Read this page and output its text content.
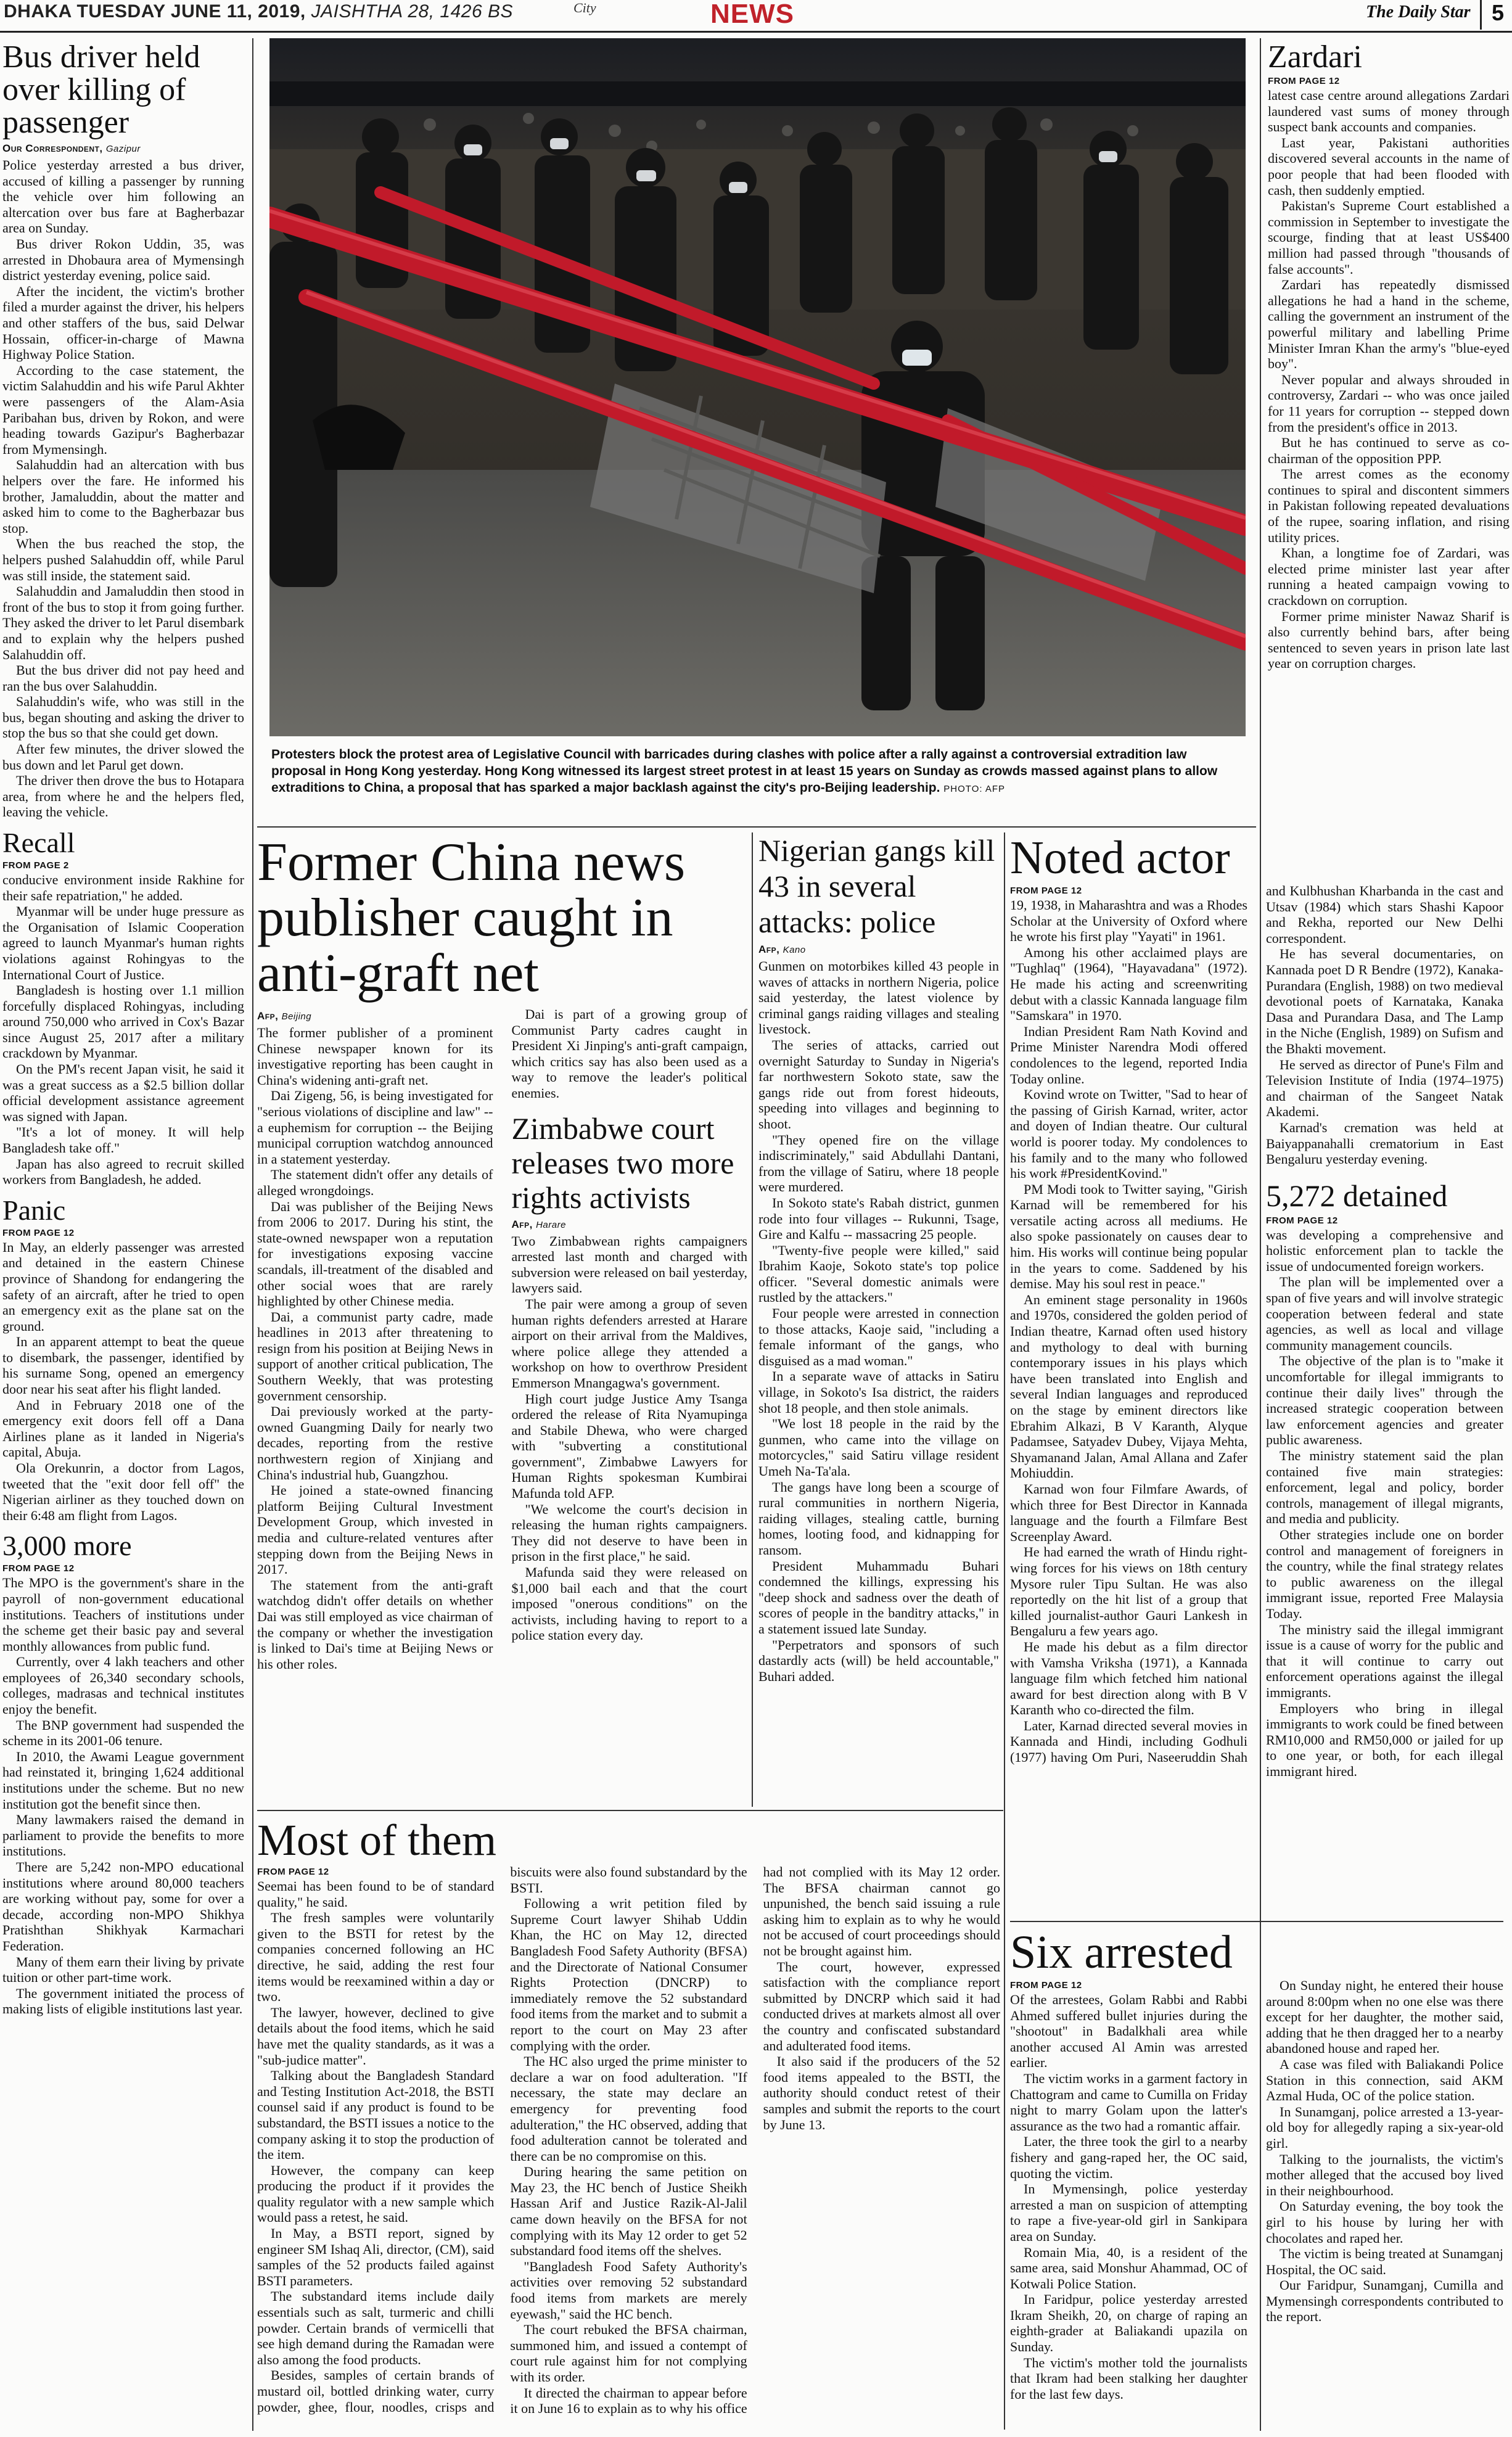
DHAKA TUESDAY JUNE 11, 2019, JAISHTHA 28, 1426 BS	City	NEWS	The Daily Star 5
Bus driver held over killing of passenger
Our Correspondent, Gazipur

Police yesterday arrested a bus driver, accused of killing a passenger by running the vehicle over him following an altercation over bus fare at Bagherbazar area on Sunday.

Bus driver Rokon Uddin, 35, was arrested in Dhobaura area of Mymensingh district yesterday evening, police said.

After the incident, the victim's brother filed a murder against the driver, his helpers and other staffers of the bus, said Delwar Hossain, officer-in-charge of Mawna Highway Police Station.

According to the case statement, the victim Salahuddin and his wife Parul Akhter were passengers of the Alam-Asia Paribahan bus, driven by Rokon, and were heading towards Gazipur's Bagherbazar from Mymensingh.

Salahuddin had an altercation with bus helpers over the fare. He informed his brother, Jamaluddin, about the matter and asked him to come to the Bagherbazar bus stop.

When the bus reached the stop, the helpers pushed Salahuddin off, while Parul was still inside, the statement said.

Salahuddin and Jamaluddin then stood in front of the bus to stop it from going further. They asked the driver to let Parul disembark and to explain why the helpers pushed Salahuddin off.

But the bus driver did not pay heed and ran the bus over Salahuddin.

Salahuddin's wife, who was still in the bus, began shouting and asking the driver to stop the bus so that she could get down.

After few minutes, the driver slowed the bus down and let Parul get down.

The driver then drove the bus to Hotapara area, from where he and the helpers fled, leaving the vehicle.

Recall
FROM PAGE 2

conducive environment inside Rakhine for their safe repatriation," he added.

Myanmar will be under huge pressure as the Organisation of Islamic Cooperation agreed to launch Myanmar's human rights violations against Rohingyas to the International Court of Justice.

Bangladesh is hosting over 1.1 million forcefully displaced Rohingyas, including around 750,000 who arrived in Cox's Bazar since August 25, 2017 after a military crackdown by Myanmar.

On the PM's recent Japan visit, he said it was a great success as a $2.5 billion dollar official development assistance agreement was signed with Japan.

"It's a lot of money. It will help Bangladesh take off."

Japan has also agreed to recruit skilled workers from Bangladesh, he added.

Panic
FROM PAGE 12

In May, an elderly passenger was arrested and detained in the eastern Chinese province of Shandong for endangering the safety of an aircraft, after he tried to open an emergency exit as the plane sat on the ground.

In an apparent attempt to beat the queue to disembark, the passenger, identified by his surname Song, opened an emergency door near his seat after his flight landed.

And in February 2018 one of the emergency exit doors fell off a Dana Airlines plane as it landed in Nigeria's capital, Abuja.

Ola Orekunrin, a doctor from Lagos, tweeted that the "exit door fell off" the Nigerian airliner as they touched down on their 6:48 am flight from Lagos.

3,000 more
FROM PAGE 12

The MPO is the government's share in the payroll of non-government educational institutions. Teachers of institutions under the scheme get their basic pay and several monthly allowances from public fund.

Currently, over 4 lakh teachers and other employees of 26,340 secondary schools, colleges, madrasas and technical institutes enjoy the benefit.

The BNP government had suspended the scheme in its 2001-06 tenure.

In 2010, the Awami League government had reinstated it, bringing 1,624 additional institutions under the scheme. But no new institution got the benefit since then.

Many lawmakers raised the demand in parliament to provide the benefits to more institutions.

There are 5,242 non-MPO educational institutions where around 80,000 teachers are working without pay, some for over a decade, according non-MPO Shikhya Pratishthan Shikhyak Karmachari Federation.

Many of them earn their living by private tuition or other part-time work.

The government initiated the process of making lists of eligible institutions last year.

Protesters block the protest area of Legislative Council with barricades during clashes with police after a rally against a controversial extradition law proposal in Hong Kong yesterday. Hong Kong witnessed its largest street protest in at least 15 years on Sunday as crowds massed against plans to allow extraditions to China, a proposal that has sparked a major backlash against the city's pro-Beijing leadership. PHOTO: AFP
Former China news publisher caught in anti-graft net
Afp, Beijing

The former publisher of a prominent Chinese newspaper known for its investigative reporting has been caught in China's widening anti-graft net.

Dai Zigeng, 56, is being investigated for "serious violations of discipline and law" -- a euphemism for corruption -- the Beijing municipal corruption watchdog announced in a statement yesterday.

The statement didn't offer any details of alleged wrongdoings.

Dai was publisher of the Beijing News from 2006 to 2017. During his stint, the state-owned newspaper won a reputation for investigations exposing vaccine scandals, ill-treatment of the disabled and other social woes that are rarely highlighted by other Chinese media.

Dai, a communist party cadre, made headlines in 2013 after threatening to resign from his position at Beijing News in support of another critical publication, The Southern Weekly, that was protesting government censorship.

Dai previously worked at the party-owned Guangming Daily for nearly two decades, reporting from the restive northwestern region of Xinjiang and China's industrial hub, Guangzhou.

He joined a state-owned financing platform Beijing Cultural Investment Development Group, which invested in media and culture-related ventures after stepping down from the Beijing News in 2017.

The statement from the anti-graft watchdog didn't offer details on whether Dai was still employed as vice chairman of the company or whether the investigation is linked to Dai's time at Beijing News or his other roles.

Dai is part of a growing group of Communist Party cadres caught in President Xi Jinping's anti-graft campaign, which critics say has also been used as a way to remove the leader's political enemies.

Zimbabwe court releases two more rights activists
Afp, Harare

Two Zimbabwean rights campaigners arrested last month and charged with subversion were released on bail yesterday, lawyers said.

The pair were among a group of seven human rights defenders arrested at Harare airport on their arrival from the Maldives, where police allege they attended a workshop on how to overthrow President Emmerson Mnangagwa's government.

High court judge Justice Amy Tsanga ordered the release of Rita Nyamupinga and Stabile Dhewa, who were charged with "subverting a constitutional government", Zimbabwe Lawyers for Human Rights spokesman Kumbirai Mafunda told AFP.

"We welcome the court's decision in releasing the human rights campaigners. They did not deserve to have been in prison in the first place," he said.

Mafunda said they were released on $1,000 bail each and that the court imposed "onerous conditions" on the activists, including having to report to a police station every day.

Nigerian gangs kill 43 in several attacks: police
Afp, Kano

Gunmen on motorbikes killed 43 people in waves of attacks in northern Nigeria, police said yesterday, the latest violence by criminal gangs raiding villages and stealing livestock.

The series of attacks, carried out overnight Saturday to Sunday in Nigeria's far northwestern Sokoto state, saw the gangs ride out from forest hideouts, speeding into villages and beginning to shoot.

"They opened fire on the village indiscriminately," said Abdullahi Dantani, from the village of Satiru, where 18 people were murdered.

In Sokoto state's Rabah district, gunmen rode into four villages -- Rukunni, Tsage, Gire and Kalfu -- massacring 25 people.

"Twenty-five people were killed," said Ibrahim Kaoje, Sokoto state's top police officer. "Several domestic animals were rustled by the attackers."

Four people were arrested in connection to those attacks, Kaoje said, "including a female informant of the gangs, who disguised as a mad woman."

In a separate wave of attacks in Satiru village, in Sokoto's Isa district, the raiders shot 18 people, and then stole animals.

"We lost 18 people in the raid by the gunmen, who came into the village on motorcycles," said Satiru village resident Umeh Na-Ta'ala.

The gangs have long been a scourge of rural communities in northern Nigeria, raiding villages, stealing cattle, burning homes, looting food, and kidnapping for ransom.

President Muhammadu Buhari condemned the killings, expressing his "deep shock and sadness over the death of scores of people in the banditry attacks," in a statement issued late Sunday.

"Perpetrators and sponsors of such dastardly acts (will) be held accountable," Buhari added.

Noted actor
FROM PAGE 12

19, 1938, in Maharashtra and was a Rhodes Scholar at the University of Oxford where he wrote his first play "Yayati" in 1961.

Among his other acclaimed plays are "Tughlaq" (1964), "Hayavadana" (1972). He made his acting and screenwriting debut with a classic Kannada language film "Samskara" in 1970.

Indian President Ram Nath Kovind and Prime Minister Narendra Modi offered condolences to the legend, reported India Today online.

Kovind wrote on Twitter, "Sad to hear of the passing of Girish Karnad, writer, actor and doyen of Indian theatre. Our cultural world is poorer today. My condolences to his family and to the many who followed his work #PresidentKovind."

PM Modi took to Twitter saying, "Girish Karnad will be remembered for his versatile acting across all mediums. He also spoke passionately on causes dear to him. His works will continue being popular in the years to come. Saddened by his demise. May his soul rest in peace."

An eminent stage personality in 1960s and 1970s, considered the golden period of Indian theatre, Karnad often used history and mythology to deal with burning contemporary issues in his plays which have been translated into English and several Indian languages and reproduced on the stage by eminent directors like Ebrahim Alkazi, B V Karanth, Alyque Padamsee, Satyadev Dubey, Vijaya Mehta, Shyamanand Jalan, Amal Allana and Zafer Mohiuddin.

Karnad won four Filmfare Awards, of which three for Best Director in Kannada language and the fourth a Filmfare Best Screenplay Award.

He had earned the wrath of Hindu right-wing forces for his views on 18th century Mysore ruler Tipu Sultan. He was also reportedly on the hit list of a group that killed journalist-author Gauri Lankesh in Bengaluru a few years ago.

He made his debut as a film director with Vamsha Vriksha (1971), a Kannada language film which fetched him national award for best direction along with B V Karanth who co-directed the film.

Later, Karnad directed several movies in Kannada and Hindi, including Godhuli (1977) having Om Puri, Naseeruddin Shah and Kulbhushan Kharbanda in the cast and Utsav (1984) which stars Shashi Kapoor and Rekha, reported our New Delhi correspondent.

He has several documentaries, on Kannada poet D R Bendre (1972), Kanaka-Purandara (English, 1988) on two medieval devotional poets of Karnataka, Kanaka Dasa and Purandara Dasa, and The Lamp in the Niche (English, 1989) on Sufism and the Bhakti movement.

He served as director of Pune's Film and Television Institute of India (1974–1975) and chairman of the Sangeet Natak Akademi.

Karnad's cremation was held at Baiyappanahalli crematorium in East Bengaluru yesterday evening.

5,272 detained
FROM PAGE 12

was developing a comprehensive and holistic enforcement plan to tackle the issue of undocumented foreign workers.

The plan will be implemented over a span of five years and will involve strategic cooperation between federal and state agencies, as well as local and village community management councils.

The objective of the plan is to "make it uncomfortable for illegal immigrants to continue their daily lives" through the increased strategic cooperation between law enforcement agencies and greater public awareness.

The ministry statement said the plan contained five main strategies: enforcement, legal and policy, border controls, management of illegal migrants, and media and publicity.

Other strategies include one on border control and management of foreigners in the country, while the final strategy relates to public awareness on the illegal immigrant issue, reported Free Malaysia Today.

The ministry said the illegal immigrant issue is a cause of worry for the public and that it will continue to carry out enforcement operations against the illegal immigrants.

Employers who bring in illegal immigrants to work could be fined between RM10,000 and RM50,000 or jailed for up to one year, or both, for each illegal immigrant hired.

Zardari
FROM PAGE 12

latest case centre around allegations Zardari laundered vast sums of money through suspect bank accounts and companies.

Last year, Pakistani authorities discovered several accounts in the name of poor people that had been flooded with cash, then suddenly emptied.

Pakistan's Supreme Court established a commission in September to investigate the scourge, finding that at least US$400 million had passed through "thousands of false accounts".

Zardari has repeatedly dismissed allegations he had a hand in the scheme, calling the government an instrument of the powerful military and labelling Prime Minister Imran Khan the army's "blue-eyed boy".

Never popular and always shrouded in controversy, Zardari -- who was once jailed for 11 years for corruption -- stepped down from the president's office in 2013.

But he has continued to serve as co-chairman of the opposition PPP.

The arrest comes as the economy continues to spiral and discontent simmers in Pakistan following repeated devaluations of the rupee, soaring inflation, and rising utility prices.

Khan, a longtime foe of Zardari, was elected prime minister last year after running a heated campaign vowing to crackdown on corruption.

Former prime minister Nawaz Sharif is also currently behind bars, after being sentenced to seven years in prison late last year on corruption charges.

Most of them
FROM PAGE 12

Seemai has been found to be of standard quality," he said.

The fresh samples were voluntarily given to the BSTI for retest by the companies concerned following an HC directive, he said, adding the rest four items would be reexamined within a day or two.

The lawyer, however, declined to give details about the food items, which he said have met the quality standards, as it was a "sub-judice matter".

Talking about the Bangladesh Standard and Testing Institution Act-2018, the BSTI counsel said if any product is found to be substandard, the BSTI issues a notice to the company asking it to stop the production of the item.

However, the company can keep producing the product if it provides the quality regulator with a new sample which would pass a retest, he said.

In May, a BSTI report, signed by engineer SM Ishaq Ali, director, (CM), said samples of the 52 products failed against BSTI parameters.

The substandard items include daily essentials such as salt, turmeric and chilli powder. Certain brands of vermicelli that see high demand during the Ramadan were also among the food products.

Besides, samples of certain brands of mustard oil, bottled drinking water, curry powder, ghee, flour, noodles, crisps and biscuits were also found substandard by the BSTI.

Following a writ petition filed by Supreme Court lawyer Shihab Uddin Khan, the HC on May 12, directed Bangladesh Food Safety Authority (BFSA) and the Directorate of National Consumer Rights Protection (DNCRP) to immediately remove the 52 substandard food items from the market and to submit a report to the court on May 23 after complying with the order.

The HC also urged the prime minister to declare a war on food adulteration. "If necessary, the state may declare an emergency for preventing food adulteration," the HC observed, adding that food adulteration cannot be tolerated and there can be no compromise on this.

During hearing the same petition on May 23, the HC bench of Justice Sheikh Hassan Arif and Justice Razik-Al-Jalil came down heavily on the BFSA for not complying with its May 12 order to get 52 substandard food items off the shelves.

"Bangladesh Food Safety Authority's activities over removing 52 substandard food items from markets are merely eyewash," said the HC bench.

The court rebuked the BFSA chairman, summoned him, and issued a contempt of court rule against him for not complying with its order.

It directed the chairman to appear before it on June 16 to explain as to why his office had not complied with its May 12 order. The BFSA chairman cannot go unpunished, the bench said issuing a rule asking him to explain as to why he would not be accused of court proceedings should not be brought against him.

The court, however, expressed satisfaction with the compliance report submitted by DNCRP which said it had conducted drives at markets almost all over the country and confiscated substandard and adulterated food items.

It also said if the producers of the 52 food items appealed to the BSTI, the authority should conduct retest of their samples and submit the reports to the court by June 13.

Six arrested
FROM PAGE 12

Of the arrestees, Golam Rabbi and Rabbi Ahmed suffered bullet injuries during the "shootout" in Badalkhali area while another accused Al Amin was arrested earlier.

The victim works in a garment factory in Chattogram and came to Cumilla on Friday night to marry Golam upon the latter's assurance as the two had a romantic affair.

Later, the three took the girl to a nearby fishery and gang-raped her, the OC said, quoting the victim.

In Mymensingh, police yesterday arrested a man on suspicion of attempting to rape a five-year-old girl in Sankipara area on Sunday.

Romain Mia, 40, is a resident of the same area, said Monshur Ahammad, OC of Kotwali Police Station.

In Faridpur, police yesterday arrested Ikram Sheikh, 20, on charge of raping an eighth-grader at Baliakandi upazila on Sunday.

The victim's mother told the journalists that Ikram had been stalking her daughter for the last few days.

On Sunday night, he entered their house around 8:00pm when no one else was there except for her daughter, the mother said, adding that he then dragged her to a nearby abandoned house and raped her.

A case was filed with Baliakandi Police Station in this connection, said AKM Azmal Huda, OC of the police station.

In Sunamganj, police arrested a 13-year-old boy for allegedly raping a six-year-old girl.

Talking to the journalists, the victim's mother alleged that the accused boy lived in their neighbourhood.

On Saturday evening, the boy took the girl to his house by luring her with chocolates and raped her.

The victim is being treated at Sunamganj Hospital, the OC said.

Our Faridpur, Sunamganj, Cumilla and Mymensingh correspondents contributed to the report.
